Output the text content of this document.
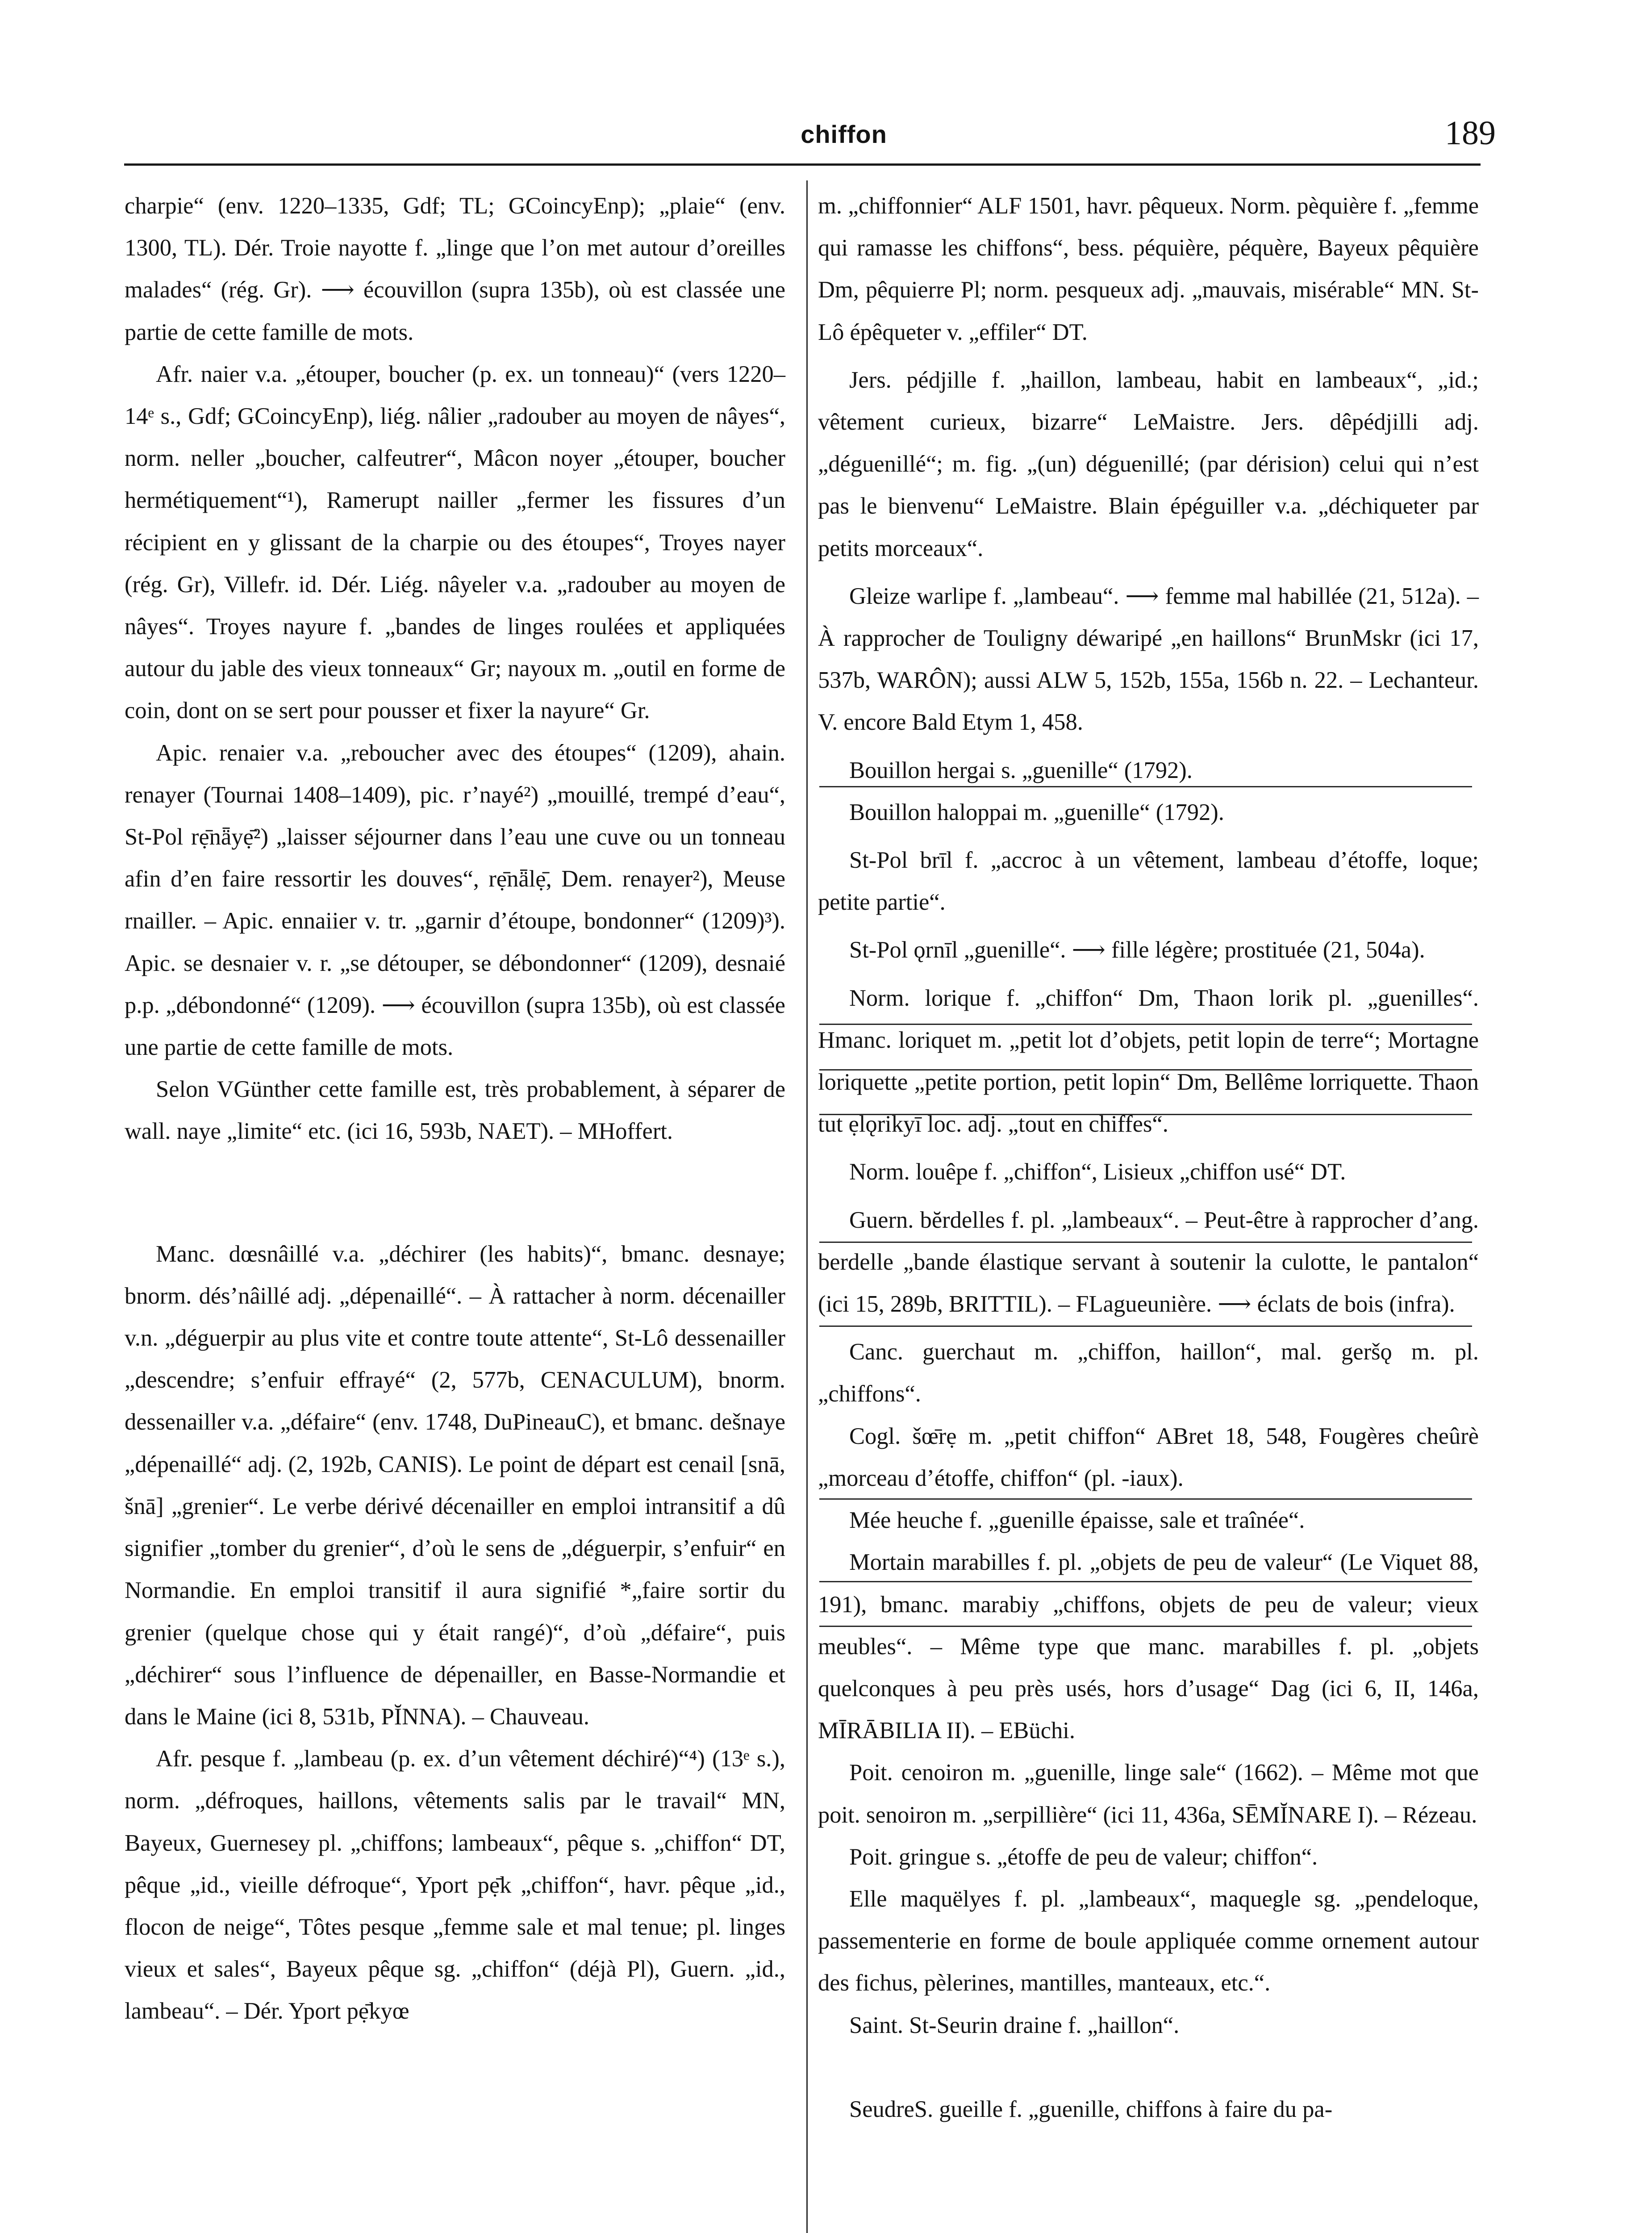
chiffon	189

charpie“ (env. 1220–1335, Gdf; TL; GCoincyEnp); „plaie“ (env. 1300, TL). Dér. Troie nayotte f. „linge que l’on met autour d’oreilles malades“ (rég. Gr). ⟶ écouvillon (supra 135b), où est classée une partie de cette famille de mots.

Afr. naier v.a. „étouper, boucher (p. ex. un tonneau)“ (vers 1220–14ᵉ s., Gdf; GCoincyEnp), liég. nâlier „radouber au moyen de nâyes“, norm. neller „boucher, calfeutrer“, Mâcon noyer „étouper, boucher hermétiquement“¹), Ramerupt nailler „fermer les fissures d’un récipient en y glissant de la charpie ou des étoupes“, Troyes nayer (rég. Gr), Villefr. id. Dér. Liég. nâyeler v.a. „radouber au moyen de nâyes“. Troyes nayure f. „bandes de linges roulées et appliquées autour du jable des vieux tonneaux“ Gr; nayoux m. „outil en forme de coin, dont on se sert pour pousser et fixer la nayure“ Gr.

Apic. renaier v.a. „reboucher avec des étoupes“ (1209), ahain. renayer (Tournai 1408–1409), pic. r’nayé²) „mouillé, trempé d’eau“, St-Pol rẹ̄nǟyẹ̄²) „laisser séjourner dans l’eau une cuve ou un tonneau afin d’en faire ressortir les douves“, rẹ̄nǟlẹ̄, Dem. renayer²), Meuse rnailler. – Apic. ennaiier v. tr. „garnir d’étoupe, bondonner“ (1209)³). Apic. se desnaier v. r. „se détouper, se débondonner“ (1209), desnaié p.p. „débondonné“ (1209). ⟶ écouvillon (supra 135b), où est classée une partie de cette famille de mots.

Selon VGünther cette famille est, très probablement, à séparer de wall. naye „limite“ etc. (ici 16, 593b, NAET). – MHoffert.

Manc. dœsnâillé v.a. „déchirer (les habits)“, bmanc. desnaye; bnorm. dés’nâillé adj. „dépenaillé“. – À rattacher à norm. décenailler v.n. „déguerpir au plus vite et contre toute attente“, St-Lô dessenailler „descendre; s’enfuir effrayé“ (2, 577b, CENACULUM), bnorm. dessenailler v.a. „défaire“ (env. 1748, DuPineauC), et bmanc. dešnaye „dépenaillé“ adj. (2, 192b, CANIS). Le point de départ est cenail [snā, šnā] „grenier“. Le verbe dérivé décenailler en emploi intransitif a dû signifier „tomber du grenier“, d’où le sens de „déguerpir, s’enfuir“ en Normandie. En emploi transitif il aura signifié *„faire sortir du grenier (quelque chose qui y était rangé)“, d’où „défaire“, puis „déchirer“ sous l’influence de dépenailler, en Basse-Normandie et dans le Maine (ici 8, 531b, PĬNNA). – Chauveau.

Afr. pesque f. „lambeau (p. ex. d’un vêtement déchiré)“⁴) (13ᵉ s.), norm. „défroques, haillons, vêtements salis par le travail“ MN, Bayeux, Guernesey pl. „chiffons; lambeaux“, pêque s. „chiffon“ DT, pêque „id., vieille défroque“, Yport pẹ̄k „chiffon“, havr. pêque „id., flocon de neige“, Tôtes pesque „femme sale et mal tenue; pl. linges vieux et sales“, Bayeux pêque sg. „chiffon“ (déjà Pl), Guern. „id., lambeau“. – Dér. Yport pẹ̄kyœ

m. „chiffonnier“ ALF 1501, havr. pêqueux. Norm. pèquière f. „femme qui ramasse les chiffons“, bess. péquière, péquère, Bayeux pêquière Dm, pêquierre Pl; norm. pesqueux adj. „mauvais, misérable“ MN. St-Lô épêqueter v. „effiler“ DT.

Jers. pédjille f. „haillon, lambeau, habit en lambeaux“, „id.; vêtement curieux, bizarre“ LeMaistre. Jers. dêpédjilli adj. „déguenillé“; m. fig. „(un) déguenillé; (par dérision) celui qui n’est pas le bienvenu“ LeMaistre. Blain épéguiller v.a. „déchiqueter par petits morceaux“.

Gleize warlipe f. „lambeau“. ⟶ femme mal habillée (21, 512a). – À rapprocher de Touligny déwaripé „en haillons“ BrunMskr (ici 17, 537b, WARÔN); aussi ALW 5, 152b, 155a, 156b n. 22. – Lechanteur. V. encore Bald Etym 1, 458.

Bouillon hergai s. „guenille“ (1792).

Bouillon haloppai m. „guenille“ (1792).

St-Pol brīl f. „accroc à un vêtement, lambeau d’étoffe, loque; petite partie“.

St-Pol ǫrnīl „guenille“. ⟶ fille légère; prostituée (21, 504a).

Norm. lorique f. „chiffon“ Dm, Thaon lorik pl. „guenilles“. Hmanc. loriquet m. „petit lot d’objets, petit lopin de terre“; Mortagne loriquette „petite portion, petit lopin“ Dm, Bellême lorriquette. Thaon tut ẹlǫrikyī loc. adj. „tout en chiffes“.

Norm. louêpe f. „chiffon“, Lisieux „chiffon usé“ DT.

Guern. bĕrdelles f. pl. „lambeaux“. – Peut-être à rapprocher d’ang. berdelle „bande élastique servant à soutenir la culotte, le pantalon“ (ici 15, 289b, BRITTIL). – FLagueunière. ⟶ éclats de bois (infra).

Canc. guerchaut m. „chiffon, haillon“, mal. geršǫ m. pl. „chiffons“.

Cogl. šœ̄rẹ m. „petit chiffon“ ABret 18, 548, Fougères cheûrè „morceau d’étoffe, chiffon“ (pl. -iaux).

Mée heuche f. „guenille épaisse, sale et traînée“.

Mortain marabilles f. pl. „objets de peu de valeur“ (Le Viquet 88, 191), bmanc. marabiy „chiffons, objets de peu de valeur; vieux meubles“. – Même type que manc. marabilles f. pl. „objets quelconques à peu près usés, hors d’usage“ Dag (ici 6, II, 146a, MĪRĀBILIA II). – EBüchi.

Poit. cenoiron m. „guenille, linge sale“ (1662). – Même mot que poit. senoiron m. „serpillière“ (ici 11, 436a, SĒMĬNARE I). – Rézeau.

Poit. gringue s. „étoffe de peu de valeur; chiffon“.

Elle maquëlyes f. pl. „lambeaux“, maquegle sg. „pendeloque, passementerie en forme de boule appliquée comme ornement autour des fichus, pèlerines, mantilles, manteaux, etc.“.

Saint. St-Seurin draine f. „haillon“.

SeudreS. gueille f. „guenille, chiffons à faire du pa-
